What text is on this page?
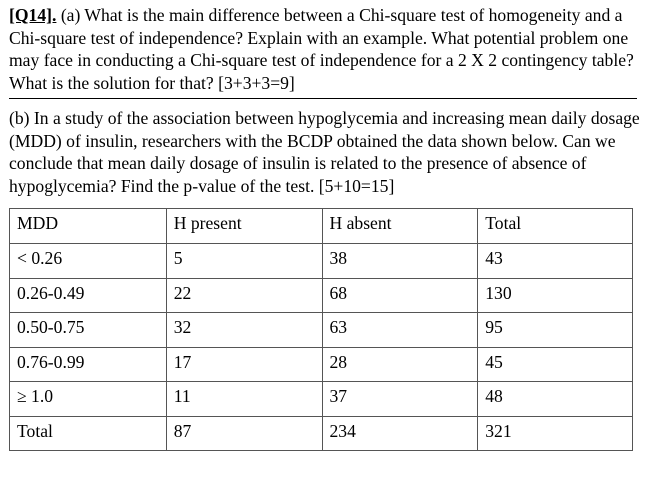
[Q14]. (a) What is the main difference between a Chi-square test of homogeneity and a Chi-square test of independence? Explain with an example. What potential problem one may face in conducting a Chi-square test of independence for a 2 X 2 contingency table? What is the solution for that? [3+3+3=9]

(b) In a study of the association between hypoglycemia and increasing mean daily dosage (MDD) of insulin, researchers with the BCDP obtained the data shown below. Can we conclude that mean daily dosage of insulin is related to the presence of absence of hypoglycemia? Find the p-value of the test. [5+10=15]

MDD	H present	H absent	Total
< 0.26	5	38	43
0.26-0.49	22	68	130
0.50-0.75	32	63	95
0.76-0.99	17	28	45
≥ 1.0	11	37	48
Total	87	234	321
